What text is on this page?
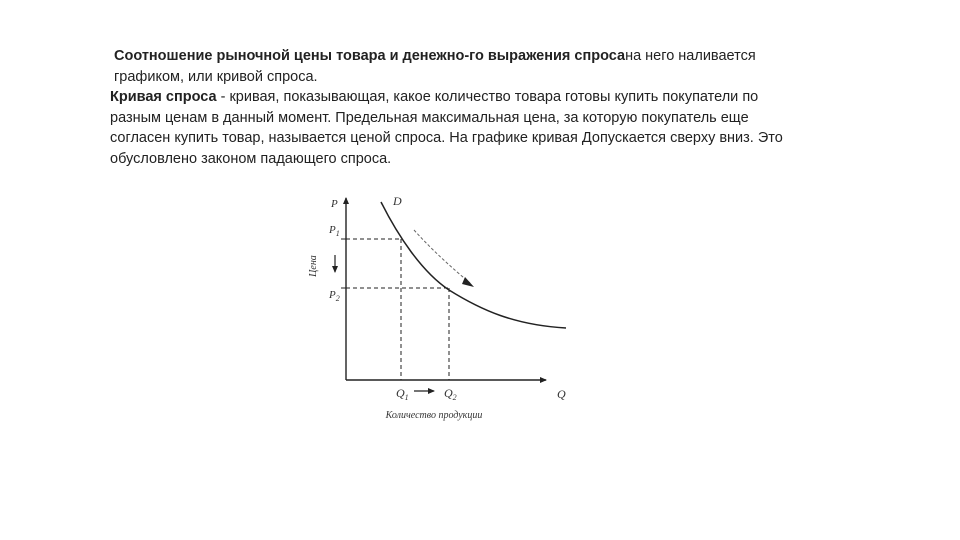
Соотношение рыночной цены товара и денежно-го выражения спросана него наливается графиком, или кривой спроса.

Кривая спроса - кривая, показывающая, какое количество товара готовы купить покупатели по разным ценам в данный момент. Предельная максимальная цена, за которую покупатель еще согласен купить товар, называется ценой спроса. На графике кривая Допускается сверху вниз. Это обусловлено законом падающего спроса.

P	D
Q
$P_1$
$P_2$
$Q_1$	$Q_2$
Цена
Количество продукции
